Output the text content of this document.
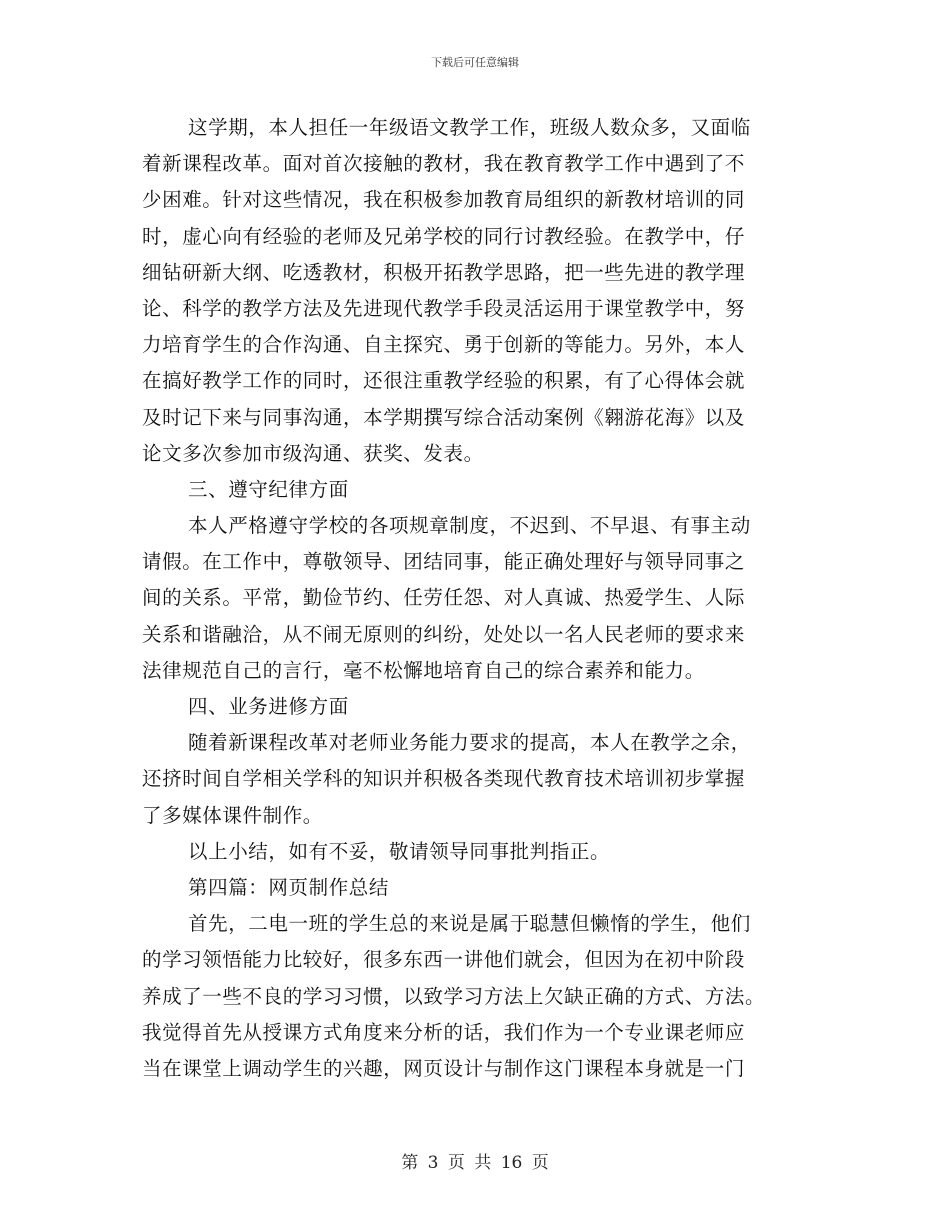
下载后可任意编辑
这学期，本人担任一年级语文教学工作，班级人数众多，又面临
着新课程改革。面对首次接触的教材，我在教育教学工作中遇到了不
少困难。针对这些情况，我在积极参加教育局组织的新教材培训的同
时，虚心向有经验的老师及兄弟学校的同行讨教经验。在教学中，仔
细钻研新大纲、吃透教材，积极开拓教学思路，把一些先进的教学理
论、科学的教学方法及先进现代教学手段灵活运用于课堂教学中，努
力培育学生的合作沟通、自主探究、勇于创新的等能力。另外，本人
在搞好教学工作的同时，还很注重教学经验的积累，有了心得体会就
及时记下来与同事沟通，本学期撰写综合活动案例《翱游花海》以及
论文多次参加市级沟通、获奖、发表。
三、遵守纪律方面
本人严格遵守学校的各项规章制度，不迟到、不早退、有事主动
请假。在工作中，尊敬领导、团结同事，能正确处理好与领导同事之
间的关系。平常，勤俭节约、任劳任怨、对人真诚、热爱学生、人际
关系和谐融洽，从不闹无原则的纠纷，处处以一名人民老师的要求来
法律规范自己的言行，毫不松懈地培育自己的综合素养和能力。
四、业务进修方面
随着新课程改革对老师业务能力要求的提高，本人在教学之余，
还挤时间自学相关学科的知识并积极各类现代教育技术培训初步掌握
了多媒体课件制作。
以上小结，如有不妥，敬请领导同事批判指正。
第四篇：网页制作总结
首先，二电一班的学生总的来说是属于聪慧但懒惰的学生，他们
的学习领悟能力比较好，很多东西一讲他们就会，但因为在初中阶段
养成了一些不良的学习习惯，以致学习方法上欠缺正确的方式、方法。
我觉得首先从授课方式角度来分析的话，我们作为一个专业课老师应
当在课堂上调动学生的兴趣，网页设计与制作这门课程本身就是一门
第 3 页 共 16 页
